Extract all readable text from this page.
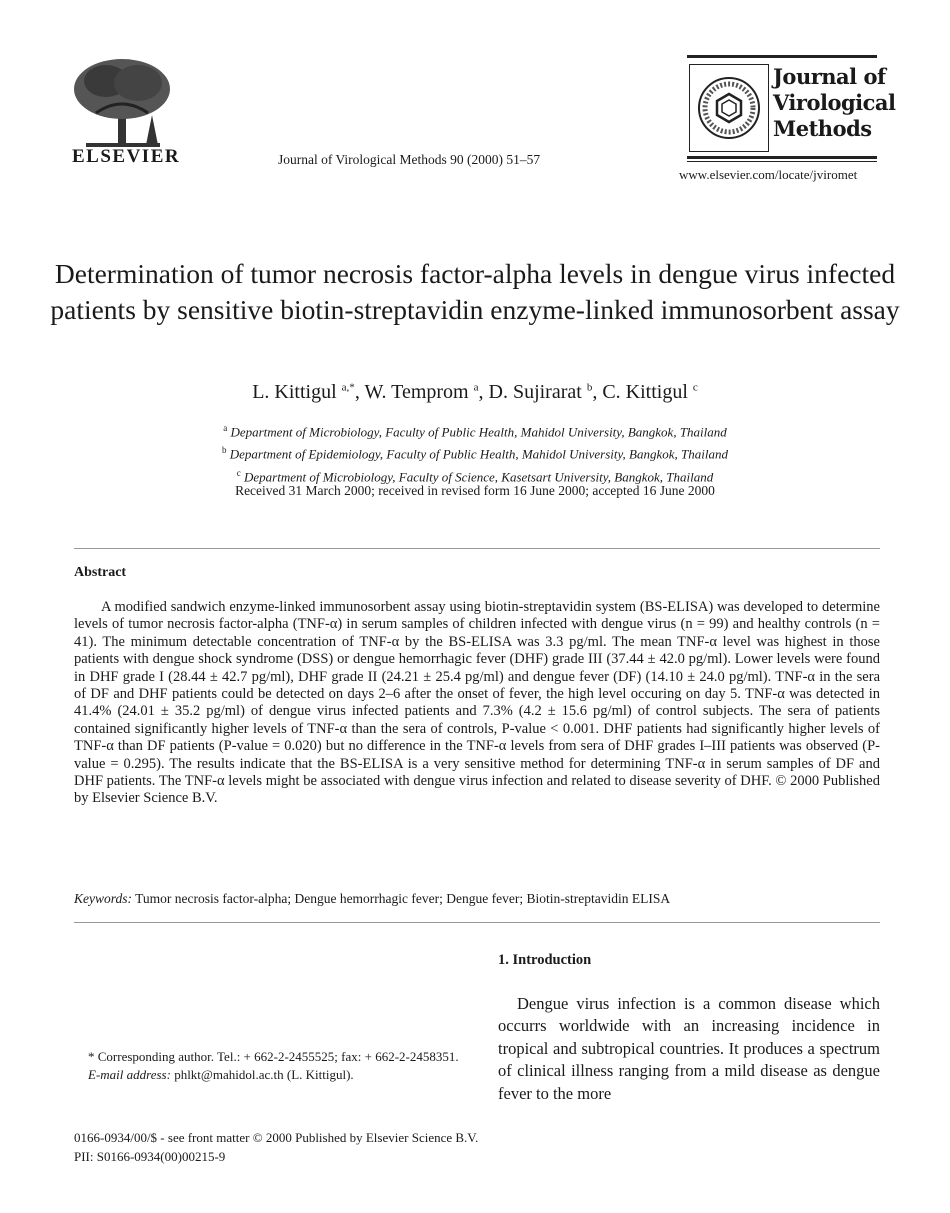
ELSEVIER	Journal of Virological Methods 90 (2000) 51–57
Journal of
Virological
Methods
www.elsevier.com/locate/jviromet
Determination of tumor necrosis factor-alpha levels in dengue virus infected patients by sensitive biotin-streptavidin enzyme-linked immunosorbent assay
L. Kittigul $^{a,*}$, W. Temprom $^a$, D. Sujirarat $^b$, C. Kittigul $^c$
$^a$ Department of Microbiology, Faculty of Public Health, Mahidol University, Bangkok, Thailand
$^b$ Department of Epidemiology, Faculty of Public Health, Mahidol University, Bangkok, Thailand
$^c$ Department of Microbiology, Faculty of Science, Kasetsart University, Bangkok, Thailand
Received 31 March 2000; received in revised form 16 June 2000; accepted 16 June 2000
Abstract
A modified sandwich enzyme-linked immunosorbent assay using biotin-streptavidin system (BS-ELISA) was developed to determine levels of tumor necrosis factor-alpha (TNF-α) in serum samples of children infected with dengue virus (n = 99) and healthy controls (n = 41). The minimum detectable concentration of TNF-α by the BS-ELISA was 3.3 pg/ml. The mean TNF-α level was highest in those patients with dengue shock syndrome (DSS) or dengue hemorrhagic fever (DHF) grade III (37.44 ± 42.0 pg/ml). Lower levels were found in DHF grade I (28.44 ± 42.7 pg/ml), DHF grade II (24.21 ± 25.4 pg/ml) and dengue fever (DF) (14.10 ± 24.0 pg/ml). TNF-α in the sera of DF and DHF patients could be detected on days 2–6 after the onset of fever, the high level occuring on day 5. TNF-α was detected in 41.4% (24.01 ± 35.2 pg/ml) of dengue virus infected patients and 7.3% (4.2 ± 15.6 pg/ml) of control subjects. The sera of patients contained significantly higher levels of TNF-α than the sera of controls, P-value < 0.001. DHF patients had significantly higher levels of TNF-α than DF patients (P-value = 0.020) but no difference in the TNF-α levels from sera of DHF grades I–III patients was observed (P-value = 0.295). The results indicate that the BS-ELISA is a very sensitive method for determining TNF-α in serum samples of DF and DHF patients. The TNF-α levels might be associated with dengue virus infection and related to disease severity of DHF. © 2000 Published by Elsevier Science B.V.
Keywords: Tumor necrosis factor-alpha; Dengue hemorrhagic fever; Dengue fever; Biotin-streptavidin ELISA
1. Introduction
Dengue virus infection is a common disease which occurrs worldwide with an increasing incidence in tropical and subtropical countries. It produces a spectrum of clinical illness ranging from a mild disease as dengue fever to the more

* Corresponding author. Tel.: + 662-2-2455525; fax: + 662-2-2458351.

E-mail address: phlkt@mahidol.ac.th (L. Kittigul).

0166-0934/00/$ - see front matter © 2000 Published by Elsevier Science B.V.

PII: S0166-0934(00)00215-9
